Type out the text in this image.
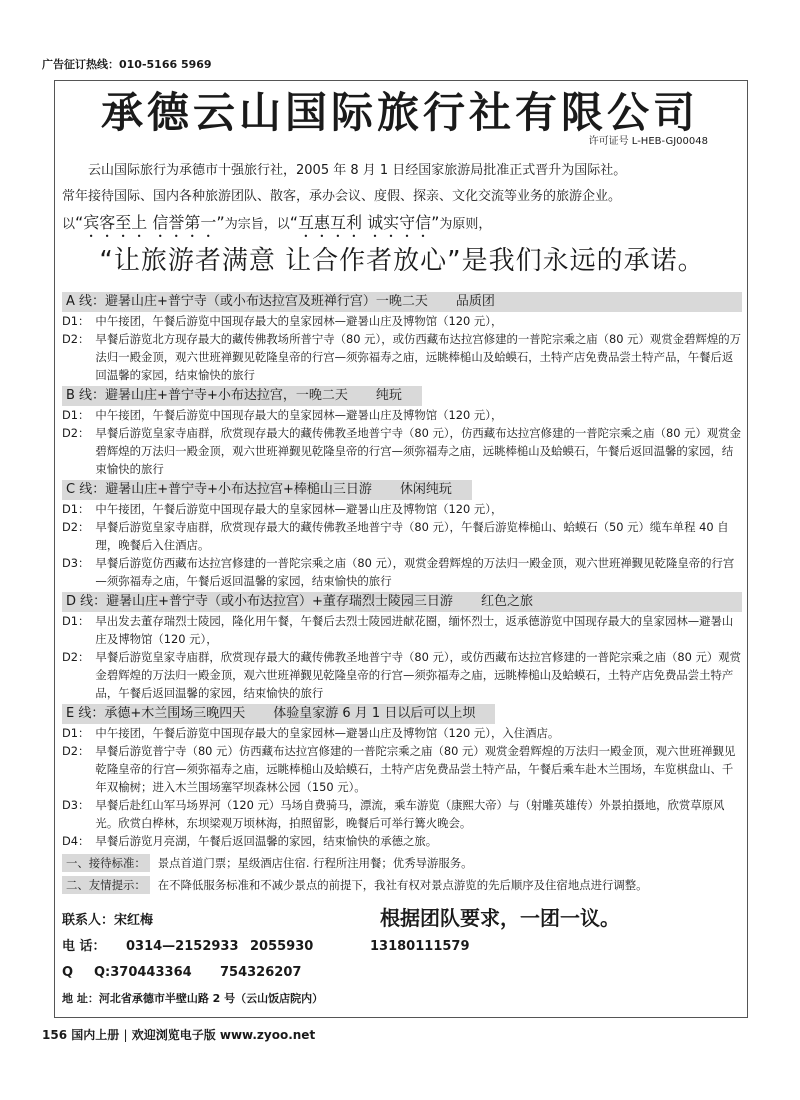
广告征订热线：010-5166 5969
承德云山国际旅行社有限公司
许可证号 L-HEB-GJ00048

云山国际旅行为承德市十强旅行社，2005 年 8 月 1 日经国家旅游局批准正式晋升为国际社。

常年接待国际、国内各种旅游团队、散客，承办会议、度假、探亲、文化交流等业务的旅游企业。

以“宾客至上 信誉第一”为宗旨，以“互惠互利 诚实守信”为原则，

“让旅游者满意 让合作者放心”是我们永远的承诺。
A 线：避暑山庄+普宁寺（或小布达拉宫及班禅行宫）一晚二天 品质团
D1： 中午接团，午餐后游览中国现存最大的皇家园林—避暑山庄及博物馆（120 元），
D2： 早餐后游览北方现存最大的藏传佛教场所普宁寺（80 元），或仿西藏布达拉宫修建的一普陀宗乘之庙（80 元）观赏金碧辉煌的万法归一殿金顶，观六世班禅觐见乾隆皇帝的行宫—须弥福寿之庙，远眺棒槌山及蛤蟆石，土特产店免费品尝土特产品，午餐后返回温馨的家园，结束愉快的旅行
B 线：避暑山庄+普宁寺+小布达拉宫，一晚二天 纯玩
D1： 中午接团，午餐后游览中国现存最大的皇家园林—避暑山庄及博物馆（120 元），
D2： 早餐后游览皇家寺庙群，欣赏现存最大的藏传佛教圣地普宁寺（80 元），仿西藏布达拉宫修建的一普陀宗乘之庙（80 元）观赏金碧辉煌的万法归一殿金顶，观六世班禅觐见乾隆皇帝的行宫—须弥福寿之庙，远眺棒槌山及蛤蟆石，午餐后返回温馨的家园，结束愉快的旅行
C 线：避暑山庄+普宁寺+小布达拉宫+棒槌山三日游 休闲纯玩
D1： 中午接团，午餐后游览中国现存最大的皇家园林—避暑山庄及博物馆（120 元），
D2： 早餐后游览皇家寺庙群，欣赏现存最大的藏传佛教圣地普宁寺（80 元），午餐后游览棒槌山、蛤蟆石（50 元）缆车单程 40 自理，晚餐后入住酒店。
D3： 早餐后游览仿西藏布达拉宫修建的一普陀宗乘之庙（80 元），观赏金碧辉煌的万法归一殿金顶，观六世班禅觐见乾隆皇帝的行宫—须弥福寿之庙，午餐后返回温馨的家园，结束愉快的旅行
D 线：避暑山庄+普宁寺（或小布达拉宫）+董存瑞烈士陵园三日游 红色之旅
D1： 早出发去董存瑞烈士陵园，隆化用午餐，午餐后去烈士陵园进献花圈，缅怀烈士，返承德游览中国现存最大的皇家园林—避暑山庄及博物馆（120 元），
D2： 早餐后游览皇家寺庙群，欣赏现存最大的藏传佛教圣地普宁寺（80 元），或仿西藏布达拉宫修建的一普陀宗乘之庙（80 元）观赏金碧辉煌的万法归一殿金顶，观六世班禅觐见乾隆皇帝的行宫—须弥福寿之庙，远眺棒槌山及蛤蟆石，土特产店免费品尝土特产品，午餐后返回温馨的家园，结束愉快的旅行
E 线：承德+木兰围场三晚四天 体验皇家游 6 月 1 日以后可以上坝
D1： 中午接团，午餐后游览中国现存最大的皇家园林—避暑山庄及博物馆（120 元），入住酒店。
D2： 早餐后游览普宁寺（80 元）仿西藏布达拉宫修建的一普陀宗乘之庙（80 元）观赏金碧辉煌的万法归一殿金顶，观六世班禅觐见乾隆皇帝的行宫—须弥福寿之庙，远眺棒槌山及蛤蟆石，土特产店免费品尝土特产品，午餐后乘车赴木兰围场，车览棋盘山、千年双榆树；进入木兰围场塞罕坝森林公园（150 元）。
D3： 早餐后赴红山军马场界河（120 元）马场自费骑马，漂流，乘车游览（康熙大帝）与（射雕英雄传）外景拍摄地，欣赏草原风光。欣赏白桦林，东坝梁观万顷林海，拍照留影，晚餐后可举行篝火晚会。
D4： 早餐后游览月亮湖，午餐后返回温馨的家园，结束愉快的承德之旅。
一、接待标准：	景点首道门票；星级酒店住宿. 行程所注用餐；优秀导游服务。
二、友情提示：	在不降低服务标准和不减少景点的前提下，我社有权对景点游览的先后顺序及住宿地点进行调整。
联系人：宋红梅
电 话： 0314—2152933 2055930	13180111579
Q Q:370443364 754326207
地 址：河北省承德市半壁山路 2 号（云山饭店院内）
根据团队要求，一团一议。
156 国内上册 | 欢迎浏览电子版 www.zyoo.net
